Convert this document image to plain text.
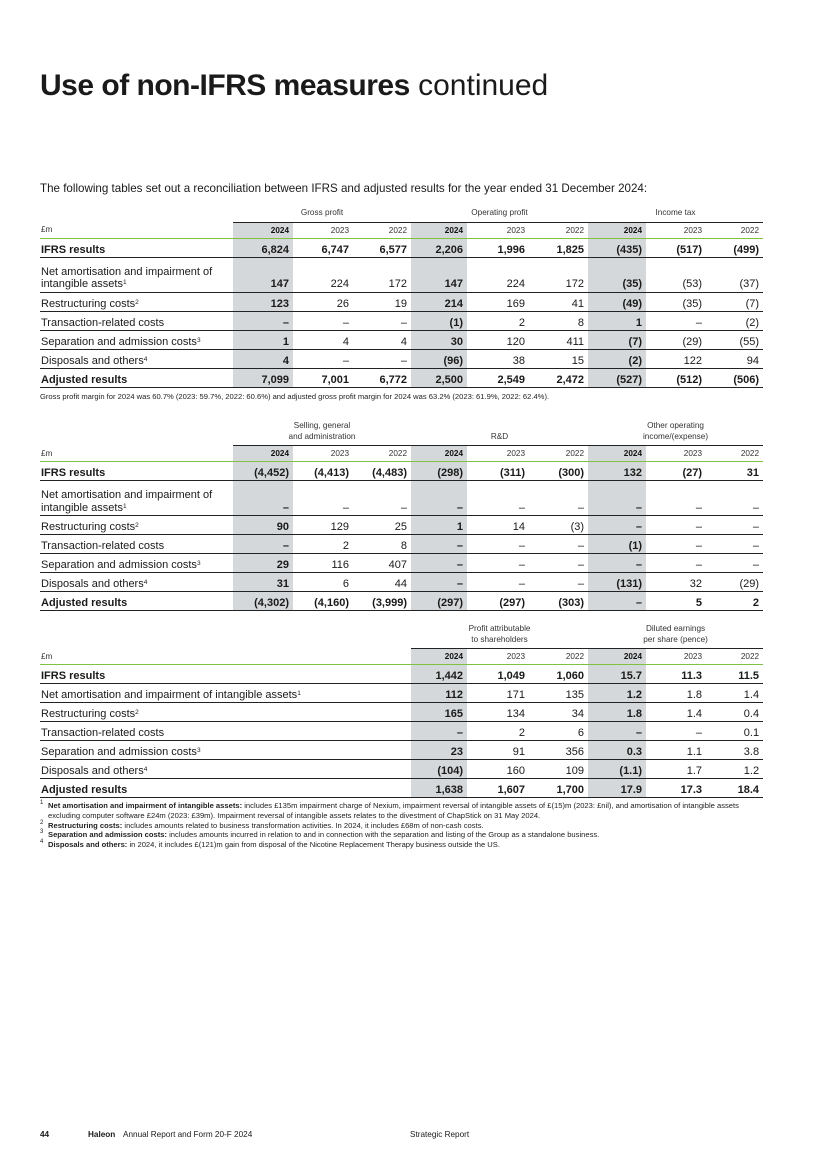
Use of non-IFRS measures continued

The following tables set out a reconciliation between IFRS and adjusted results for the year ended 31 December 2024:

	Gross profit			Operating profit			Income tax		
£m	2024	2023	2022	2024	2023	2022	2024	2023	2022
IFRS results	6,824	6,747	6,577	2,206	1,996	1,825	(435)	(517)	(499)
Net amortisation and impairment of intangible assets$^1$	147	224	172	147	224	172	(35)	(53)	(37)
Restructuring costs$^2$	123	26	19	214	169	41	(49)	(35)	(7)
Transaction-related costs	–	–	–	(1)	2	8	1	–	(2)
Separation and admission costs$^3$	1	4	4	30	120	411	(7)	(29)	(55)
Disposals and others$^4$	4	–	–	(96)	38	15	(2)	122	94
Adjusted results	7,099	7,001	6,772	2,500	2,549	2,472	(527)	(512)	(506)

Gross profit margin for 2024 was 60.7% (2023: 59.7%, 2022: 60.6%) and adjusted gross profit margin for 2024 was 63.2% (2023: 61.9%, 2022: 62.4%).

	Selling, general
and administration			R&D			Other operating
income/(expense)		
£m	2024	2023	2022	2024	2023	2022	2024	2023	2022
IFRS results	(4,452)	(4,413)	(4,483)	(298)	(311)	(300)	132	(27)	31
Net amortisation and impairment of intangible assets$^1$	–	–	–	–	–	–	–	–	–
Restructuring costs$^2$	90	129	25	1	14	(3)	–	–	–
Transaction-related costs	–	2	8	–	–	–	(1)	–	–
Separation and admission costs$^3$	29	116	407	–	–	–	–	–	–
Disposals and others$^4$	31	6	44	–	–	–	(131)	32	(29)
Adjusted results	(4,302)	(4,160)	(3,999)	(297)	(297)	(303)	–	5	2
	Profit attributable
to shareholders			Diluted earnings
per share (pence)		
£m	2024	2023	2022	2024	2023	2022
IFRS results	1,442	1,049	1,060	15.7	11.3	11.5
Net amortisation and impairment of intangible assets$^1$	112	171	135	1.2	1.8	1.4
Restructuring costs$^2$	165	134	34	1.8	1.4	0.4
Transaction-related costs	–	2	6	–	–	0.1
Separation and admission costs$^3$	23	91	356	0.3	1.1	3.8
Disposals and others$^4$	(104)	160	109	(1.1)	1.7	1.2
Adjusted results	1,638	1,607	1,700	17.9	17.3	18.4
1 Net amortisation and impairment of intangible assets: includes £135m impairment charge of Nexium, impairment reversal of intangible assets of £(15)m (2023: £nil), and amortisation of intangible assets excluding computer software £24m (2023: £39m). Impairment reversal of intangible assets relates to the divestment of ChapStick on 31 May 2024.
2 Restructuring costs: includes amounts related to business transformation activities. In 2024, it includes £68m of non-cash costs.
3 Separation and admission costs: includes amounts incurred in relation to and in connection with the separation and listing of the Group as a standalone business.
4 Disposals and others: in 2024, it includes £(121)m gain from disposal of the Nicotine Replacement Therapy business outside the US.
44	Haleon Annual Report and Form 20-F 2024	Strategic Report
